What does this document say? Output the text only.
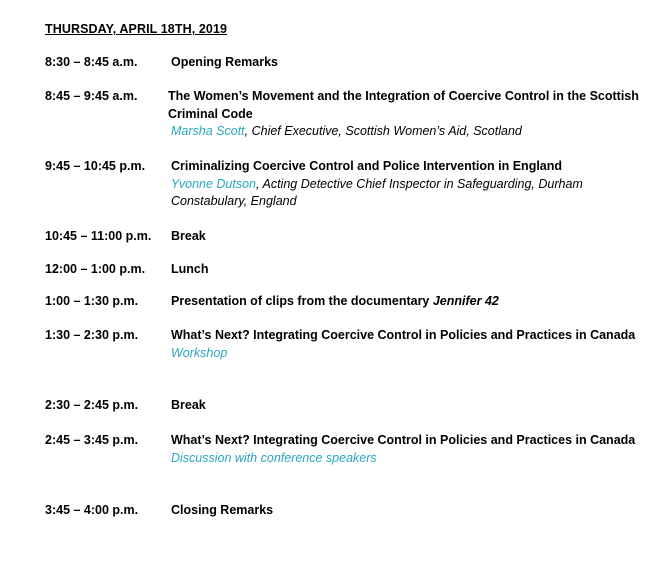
THURSDAY, APRIL 18TH, 2019
8:30 – 8:45 a.m.	Opening Remarks
8:45 – 9:45 a.m. The Women’s Movement and the Integration of Coercive Control in the Scottish Criminal Code
Marsha Scott, Chief Executive, Scottish Women’s Aid, Scotland
9:45 – 10:45 p.m. Criminalizing Coercive Control and Police Intervention in England
Yvonne Dutson, Acting Detective Chief Inspector in Safeguarding, Durham Constabulary, England
10:45 – 11:00 p.m. Break
12:00 – 1:00 p.m. Lunch
1:00 – 1:30 p.m.	Presentation of clips from the documentary Jennifer 42
1:30 – 2:30 p.m.	What’s Next? Integrating Coercive Control in Policies and Practices in Canada
Workshop
2:30 – 2:45 p.m.	Break
2:45 – 3:45 p.m.	What’s Next? Integrating Coercive Control in Policies and Practices in Canada
Discussion with conference speakers
3:45 – 4:00 p.m.	Closing Remarks
